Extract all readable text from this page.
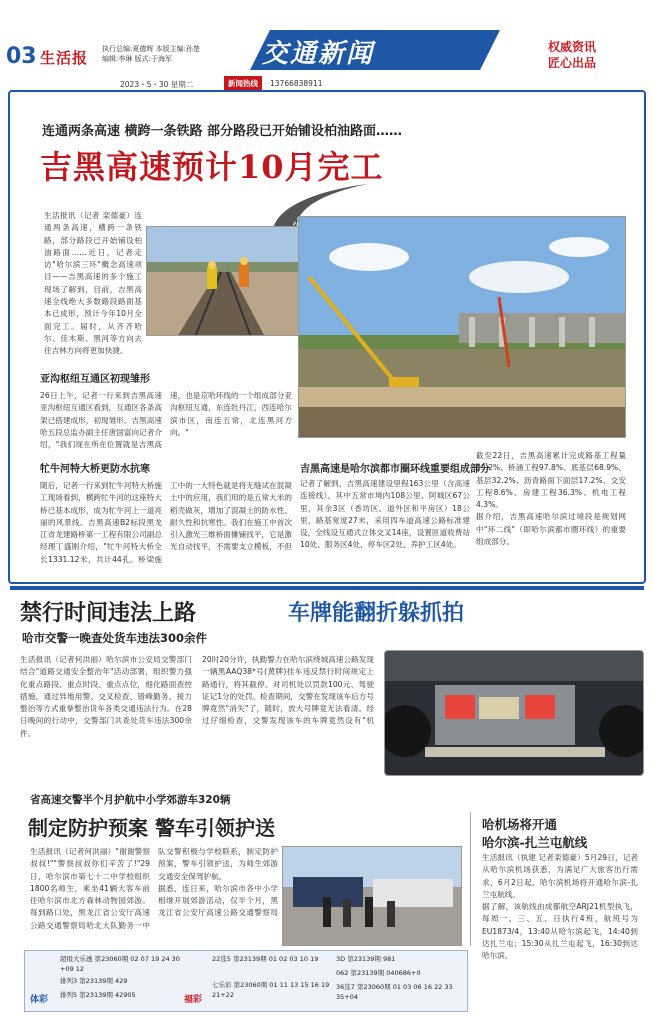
03 生活报 执行总编:夏德辉 本版主编:孙楚
编辑:李琳 版式:于海军	交通新闻	权威资讯
匠心出品
2023・5・30 星期二	新闻热线	13766838911
连通两条高速 横跨一条铁路 部分路段已开始铺设柏油路面……
吉黑高速预计10月完工
生活报讯（记者 栾德豪）连通两条高速，横跨一条铁路，部分路段已开始铺设柏油路面……近日，记者走访"哈尔滨三环"概念高速项目——吉黑高速的多个施工现场了解到，目前，吉黑高速全线绝大多数路段路面基本已成形，预计今年10月全面完工。届时，从齐齐哈尔、佳木斯、黑河等方向去往吉林方向将更加快捷。
亚沟枢纽互通区初现雏形
26日上午，记者一行来到吉黑高速亚沟枢纽互通区看到，互通区各条高架已搭建成形，初现雏形。吉黑高速哈五段总监办副主任唐国富向记者介绍，"我们现在所在位置就是吉黑高速，也是京哈环线的一个组成部分亚沟枢纽互通，东连牡丹江，西连哈尔滨市区，南连五常，北连黑河方向。"
牤牛河特大桥更防水抗寒
随后，记者一行来到牤牛河特大桥施工现场看到，横跨牤牛河的这座特大桥已基本成形，成为牤牛河上一道亮丽的风景线。吉黑高速B2标段黑龙江省龙建路桥第一工程有限公司副总经理丁盛刚介绍，"牤牛河特大桥全长1331.12米，共计44孔。桥梁施工中的一大特色就是将无缝试在混凝土中的应用，我们用的是五常大米的稻壳做灰，增加了混凝土的防水性、耐久性和抗寒性。我们在施工中首次引入激光三维桥面摊铺找平，它是激光自动找平，不需要支立模板，不但
吉黑高速是哈尔滨都市圈环线重要组成部分
记者了解到，吉黑高速建设里程163公里（含高速连接线），其中五常市境内108公里、阿城区67公里，其余3区（香坊区、道外区和平房区）18公里，路基宽度27米，采用四车道高速公路标准建设，全线设互通式立体交叉14座，设置匝道收费站10处、服务区4处、停车区2处、养护工区4处。
截至22日，吉黑高速累计完成路基工程量99.2%、桥涵工程97.8%、底基层68.9%、基层32.2%、沥青路面下面层17.2%、交安工程8.6%、房建工程36.3%、机电工程4.3%。
据介绍，吉黑高速哈尔滨过境段是规划网中"环二线"（即哈尔滨都市圈环线）的重要组成部分。
禁行时间违法上路	车牌能翻折躲抓拍
哈市交警一晚查处货车违法300余件
生活报讯（记者何洪丽）哈尔滨市公安局交警部门结合"道路交通安全整治年"活动部署，组织警力强化重点路段、重点时段、重点点位，细化路面查控措施，通过异地用警、交叉检查、错峰勤务、接力整治等方式重拳整治货车各类交通违法行为。在28日晚间的行动中，交警部门共查处货车违法300余件。
20时20分许，执勤警力在哈尔滨绕城高速公路发现一辆黑AAQ38*号(黄牌)挂车违反禁行时间规定上路通行，将其截停。对司机处以罚款100元、驾驶证记1分的处罚。检查期间，交警在发现该车后方号牌竟然"消失"了，随时，放大号牌竟无法看清。经过仔细检查，交警发现该车的车牌竟然设有"机
省高速交警半个月护航中小学郊游车320辆
制定防护预案 警车引领护送
生活报讯（记者何洪丽）"谢谢警察叔叔!""警察叔叔你们辛苦了!"29日，哈尔滨市第七十二中学校组织1800名师生，乘坐41辆大客车前往哈尔滨市北方森林动物园郊游。每到路口处，黑龙江省公安厅高速公路交通警察局哈北大队勤务一中队交警积极与学校联系，制定防护预案，警车引领护送，为师生郊游交通安全保驾护航。
据悉，连日来，哈尔滨市各中小学相继开展郊游活动，仅半个月，黑龙江省公安厅高速公路交通警察局
哈机场将开通
哈尔滨-扎兰屯航线
生活报讯（执建 记者栾德豪）5月29日，记者从哈尔滨机场获悉，为满足广大旅客出行需求，6月2日起，哈尔滨机场将开通哈尔滨-扎兰屯航线。
据了解，该航线由成都航空ARJ21机型执飞，每周一、三、五、日执行4班，航班号为EU1873/4，13:40从哈尔滨起飞，14:40到达扎兰屯；15:30从扎兰屯起飞，16:30到达哈尔滨。
体彩	福彩
超级大乐透 第23060期 02 07 19 24 30 +09 12
排列3 第23139期 429
排列5 第23139期 42905
22选5 第23139期 01 02 03 10 19
七乐彩 第23060期 01 11 13 15 16 19 21+22
3D 第23139期 981
062 第23139期 040686+0
36选7 第23060期 01 03 06 16 22 33 35+04
